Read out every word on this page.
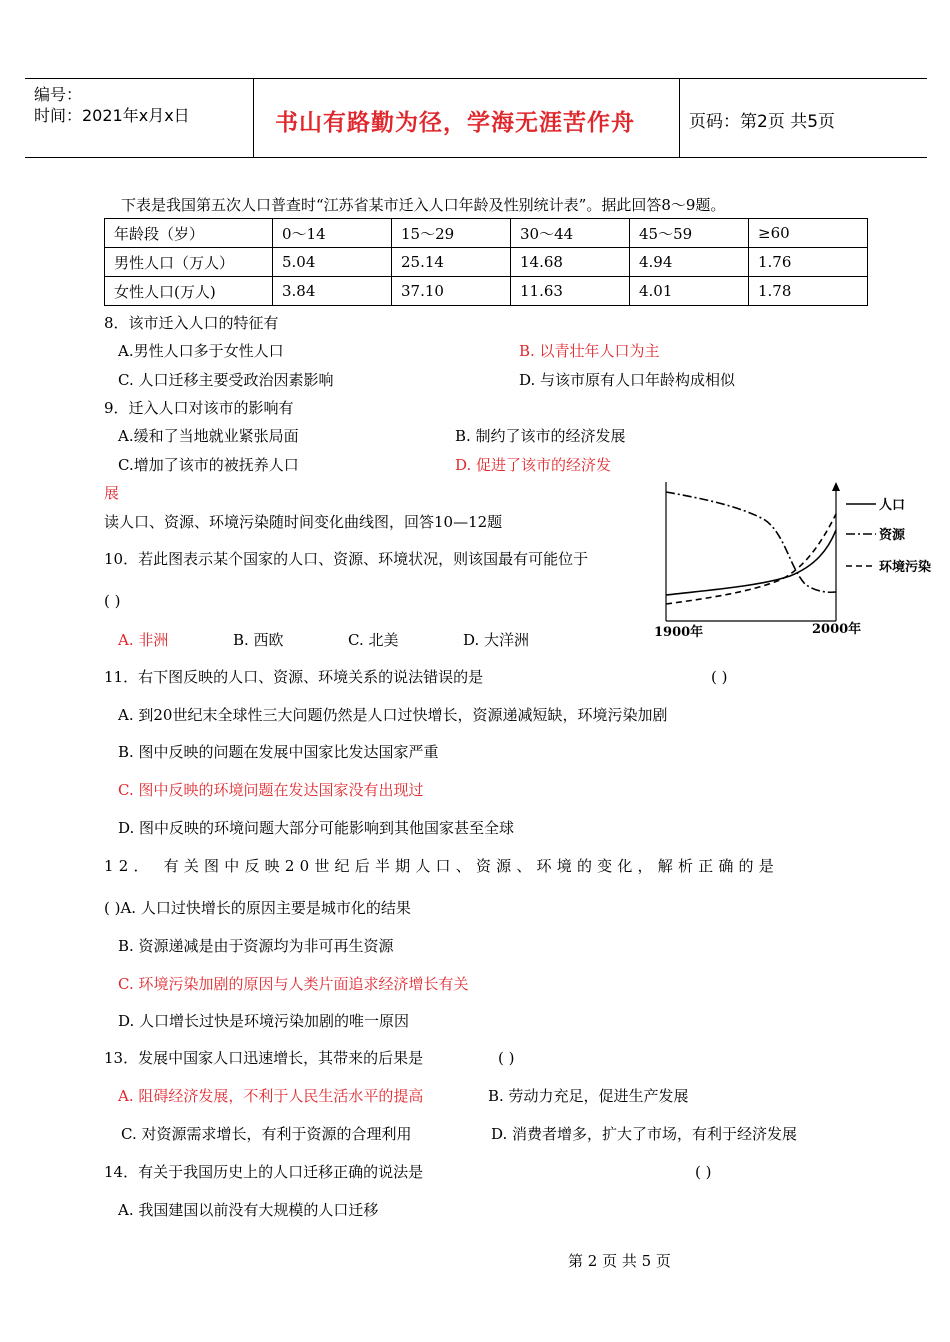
编号：
时间：2021年x月x日	书山有路勤为径，学海无涯苦作舟	页码：第2页 共5页
下表是我国第五次人口普查时“江苏省某市迁入人口年龄及性别统计表”。据此回答8～9题。
年龄段（岁）	0～14	15～29	30～44	45～59	≥60
男性人口（万人）	5.04	25.14	14.68	4.94	1.76
女性人口(万人)	3.84	37.10	11.63	4.01	1.78
8．该市迁入人口的特征有
A.男性人口多于女性人口	B. 以青壮年人口为主
C. 人口迁移主要受政治因素影响	D. 与该市原有人口年龄构成相似
9．迁入人口对该市的影响有
A.缓和了当地就业紧张局面	B. 制约了该市的经济发展
C.增加了该市的被抚养人口	D. 促进了该市的经济发
展
读人口、资源、环境污染随时间变化曲线图，回答10—12题
10．若此图表示某个国家的人口、资源、环境状况，则该国最有可能位于
( )
A. 非洲	B. 西欧	C. 北美	D. 大洋洲
人口
资源
环境污染
1900年	2000年
11．右下图反映的人口、资源、环境关系的说法错误的是	( )
A. 到20世纪末全球性三大问题仍然是人口过快增长，资源递减短缺，环境污染加剧
B. 图中反映的问题在发展中国家比发达国家严重
C. 图中反映的环境问题在发达国家没有出现过
D. 图中反映的环境问题大部分可能影响到其他国家甚至全球
12． 有关图中反映20世纪后半期人口、资源、环境的变化，解析正确的是
( )A. 人口过快增长的原因主要是城市化的结果
B. 资源递减是由于资源均为非可再生资源
C. 环境污染加剧的原因与人类片面追求经济增长有关
D. 人口增长过快是环境污染加剧的唯一原因
13．发展中国家人口迅速增长，其带来的后果是	( )
A. 阻碍经济发展，不利于人民生活水平的提高	B. 劳动力充足，促进生产发展
C. 对资源需求增长，有利于资源的合理利用	D. 消费者增多，扩大了市场，有利于经济发展
14．有关于我国历史上的人口迁移正确的说法是	( )
A. 我国建国以前没有大规模的人口迁移
第 2 页 共 5 页
